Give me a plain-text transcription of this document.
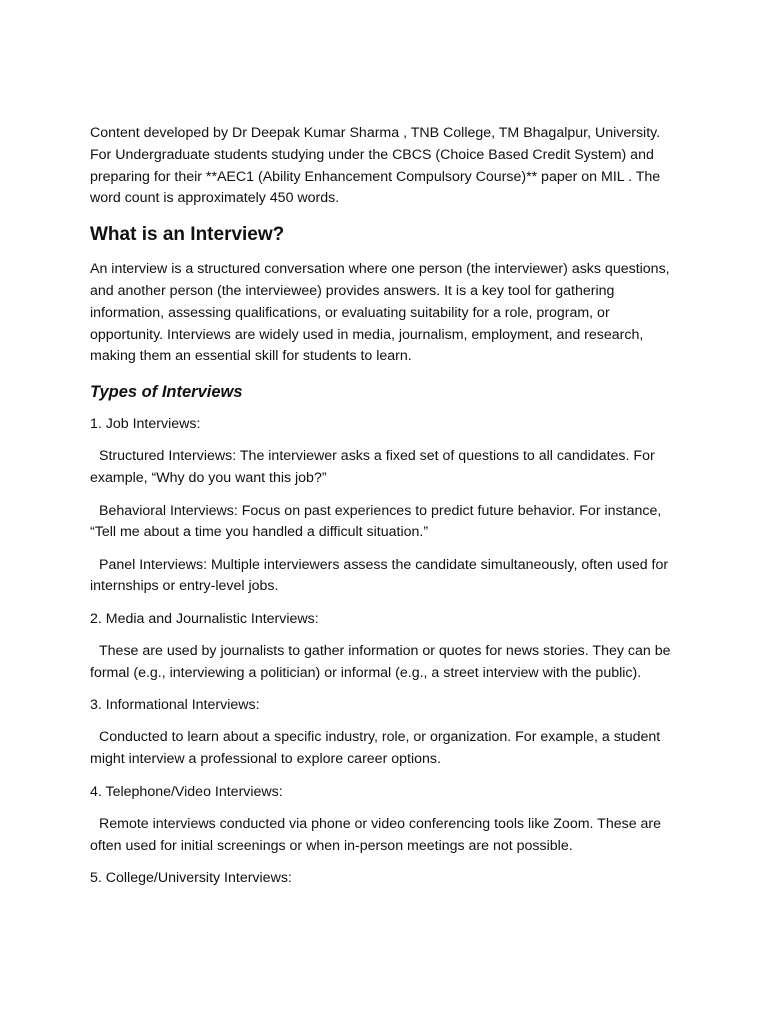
Content developed by Dr Deepak Kumar Sharma , TNB College, TM Bhagalpur, University. For Undergraduate students studying under the CBCS (Choice Based Credit System) and preparing for their **AEC1 (Ability Enhancement Compulsory Course)** paper on MIL . The word count is approximately 450 words.

What is an Interview?

An interview is a structured conversation where one person (the interviewer) asks questions, and another person (the interviewee) provides answers. It is a key tool for gathering information, assessing qualifications, or evaluating suitability for a role, program, or opportunity. Interviews are widely used in media, journalism, employment, and research, making them an essential skill for students to learn.

Types of Interviews

1. Job Interviews:

Structured Interviews: The interviewer asks a fixed set of questions to all candidates. For example, “Why do you want this job?”

Behavioral Interviews: Focus on past experiences to predict future behavior. For instance, “Tell me about a time you handled a difficult situation.”

Panel Interviews: Multiple interviewers assess the candidate simultaneously, often used for internships or entry-level jobs.

2. Media and Journalistic Interviews:

These are used by journalists to gather information or quotes for news stories. They can be formal (e.g., interviewing a politician) or informal (e.g., a street interview with the public).

3. Informational Interviews:

Conducted to learn about a specific industry, role, or organization. For example, a student might interview a professional to explore career options.

4. Telephone/Video Interviews:

Remote interviews conducted via phone or video conferencing tools like Zoom. These are often used for initial screenings or when in-person meetings are not possible.

5. College/University Interviews:
